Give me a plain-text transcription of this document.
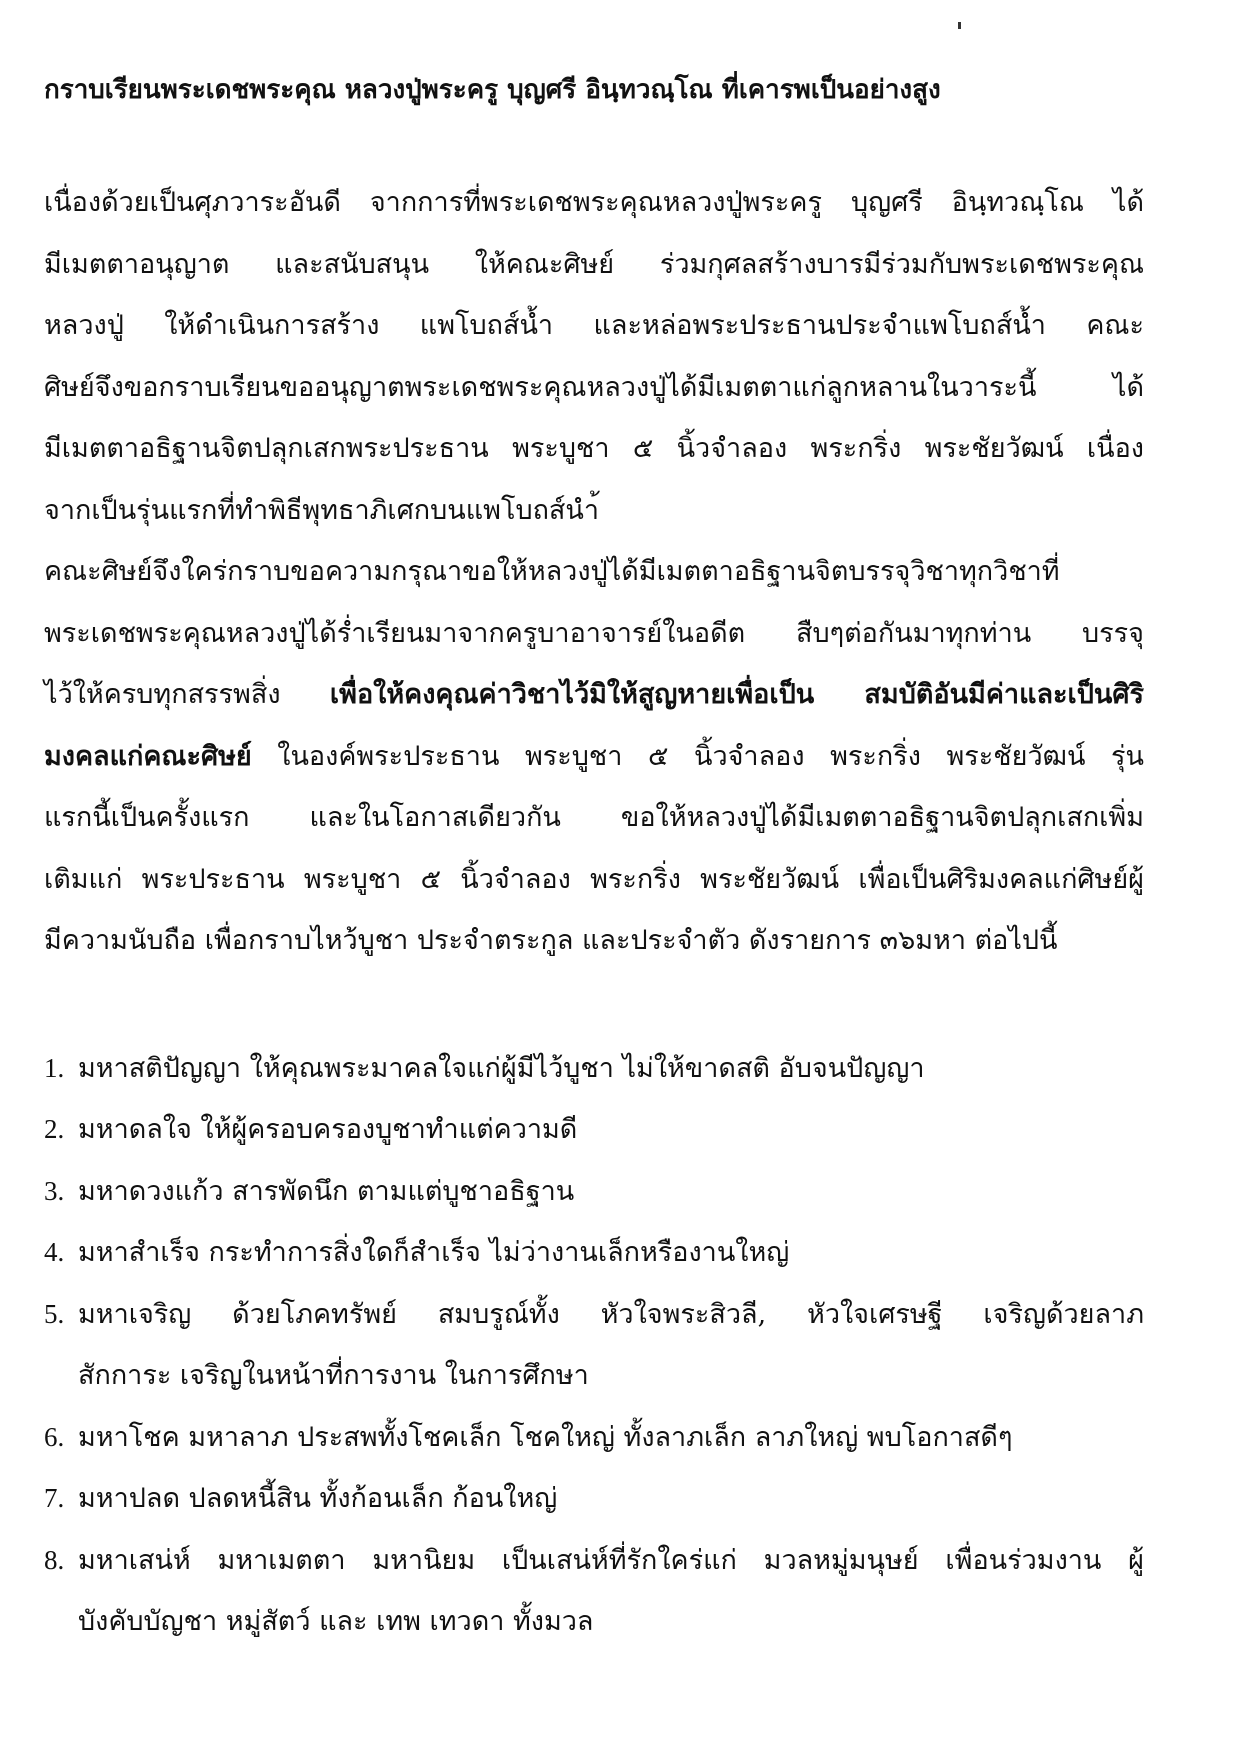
กราบเรียนพระเดชพระคุณ หลวงปู่พระครู บุญศรี อินฺทวณฺโณ ที่เคารพเป็นอย่างสูง
เนื่องด้วยเป็นศุภวาระอันดี จากการที่พระเดชพระคุณหลวงปู่พระครู บุญศรี อินฺทวณฺโณ ได้
มีเมตตาอนุญาต และสนับสนุน ให้คณะศิษย์ ร่วมกุศลสร้างบารมีร่วมกับพระเดชพระคุณ
หลวงปู่ ให้ดำเนินการสร้าง แพโบถส์น้ำ และหล่อพระประธานประจำแพโบถส์น้ำ คณะ
ศิษย์จึงขอกราบเรียนขออนุญาตพระเดชพระคุณหลวงปู่ได้มีเมตตาแก่ลูกหลานในวาระนี้ ได้
มีเมตตาอธิฐานจิตปลุกเสกพระประธาน พระบูชา ๕ นิ้วจำลอง พระกริ่ง พระชัยวัฒน์ เนื่อง
จากเป็นรุ่นแรกที่ทำพิธีพุทธาภิเศกบนแพโบถส์นำ้
คณะศิษย์จึงใคร่กราบขอความกรุณาขอให้หลวงปู่ได้มีเมตตาอธิฐานจิตบรรจุวิชาทุกวิชาที่
พระเดชพระคุณหลวงปู่ได้ร่ำเรียนมาจากครูบาอาจารย์ในอดีต สืบๆต่อกันมาทุกท่าน บรรจุ
ไว้ให้ครบทุกสรรพสิ่ง เพื่อให้คงคุณค่าวิชาไว้มิให้สูญหายเพื่อเป็น สมบัติอันมีค่าและเป็นศิริ
มงคลแก่คณะศิษย์ ในองค์พระประธาน พระบูชา ๕ นิ้วจำลอง พระกริ่ง พระชัยวัฒน์ รุ่น
แรกนี้เป็นครั้งแรก และในโอกาสเดียวกัน ขอให้หลวงปู่ได้มีเมตตาอธิฐานจิตปลุกเสกเพิ่ม
เติมแก่ พระประธาน พระบูชา ๕ นิ้วจำลอง พระกริ่ง พระชัยวัฒน์ เพื่อเป็นศิริมงคลแก่ศิษย์ผู้
มีความนับถือ เพื่อกราบไหว้บูชา ประจำตระกูล และประจำตัว ดังรายการ ๓๖มหา ต่อไปนี้
1. มหาสติปัญญา ให้คุณพระมาคลใจแก่ผู้มีไว้บูชา ไม่ให้ขาดสติ อับจนปัญญา
2. มหาดลใจ ให้ผู้ครอบครองบูชาทำแต่ความดี
3. มหาดวงแก้ว สารพัดนึก ตามแต่บูชาอธิฐาน
4. มหาสำเร็จ กระทำการสิ่งใดก็สำเร็จ ไม่ว่างานเล็กหรืองานใหญ่
5. มหาเจริญ ด้วยโภคทรัพย์ สมบรูณ์ทั้ง หัวใจพระสิวลี, หัวใจเศรษฐี เจริญด้วยลาภ
สักการะ เจริญในหน้าที่การงาน ในการศึกษา
6. มหาโชค มหาลาภ ประสพทั้งโชคเล็ก โชคใหญ่ ทั้งลาภเล็ก ลาภใหญ่ พบโอกาสดีๆ
7. มหาปลด ปลดหนี้สิน ทั้งก้อนเล็ก ก้อนใหญ่
8. มหาเสน่ห์ มหาเมตตา มหานิยม เป็นเสน่ห์ที่รักใคร่แก่ มวลหมู่มนุษย์ เพื่อนร่วมงาน ผู้
บังคับบัญชา หมู่สัตว์ และ เทพ เทวดา ทั้งมวล
